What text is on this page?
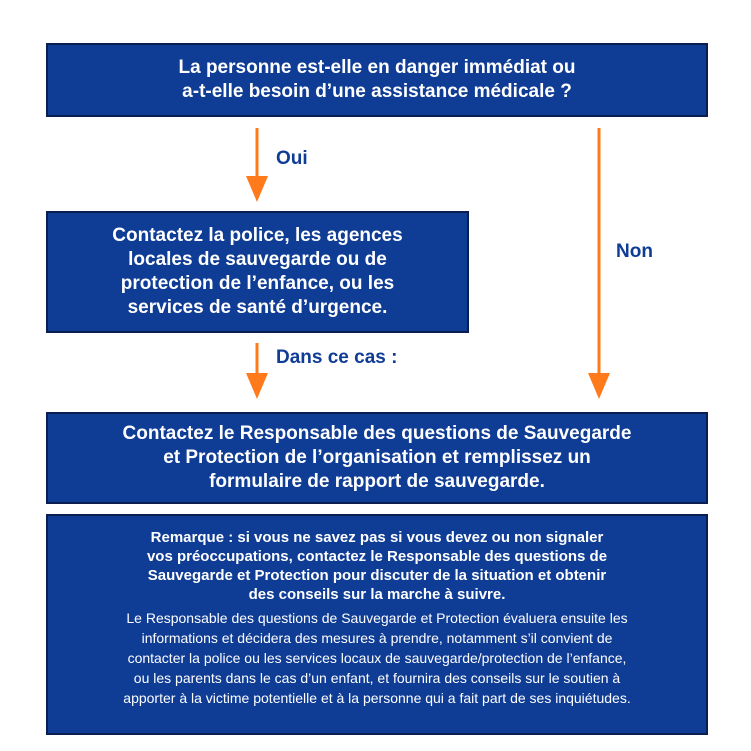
La personne est-elle en danger immédiat ou
a-t-elle besoin d’une assistance médicale ?
Oui
Non
Dans ce cas :
Contactez la police, les agences
locales de sauvegarde ou de
protection de l’enfance, ou les
services de santé d’urgence.
Contactez le Responsable des questions de Sauvegarde
et Protection de l’organisation et remplissez un
formulaire de rapport de sauvegarde.
Remarque : si vous ne savez pas si vous devez ou non signaler
vos préoccupations, contactez le Responsable des questions de
Sauvegarde et Protection pour discuter de la situation et obtenir
des conseils sur la marche à suivre.
Le Responsable des questions de Sauvegarde et Protection évaluera ensuite les
informations et décidera des mesures à prendre, notamment s’il convient de
contacter la police ou les services locaux de sauvegarde/protection de l’enfance,
ou les parents dans le cas d’un enfant, et fournira des conseils sur le soutien à
apporter à la victime potentielle et à la personne qui a fait part de ses inquiétudes.
